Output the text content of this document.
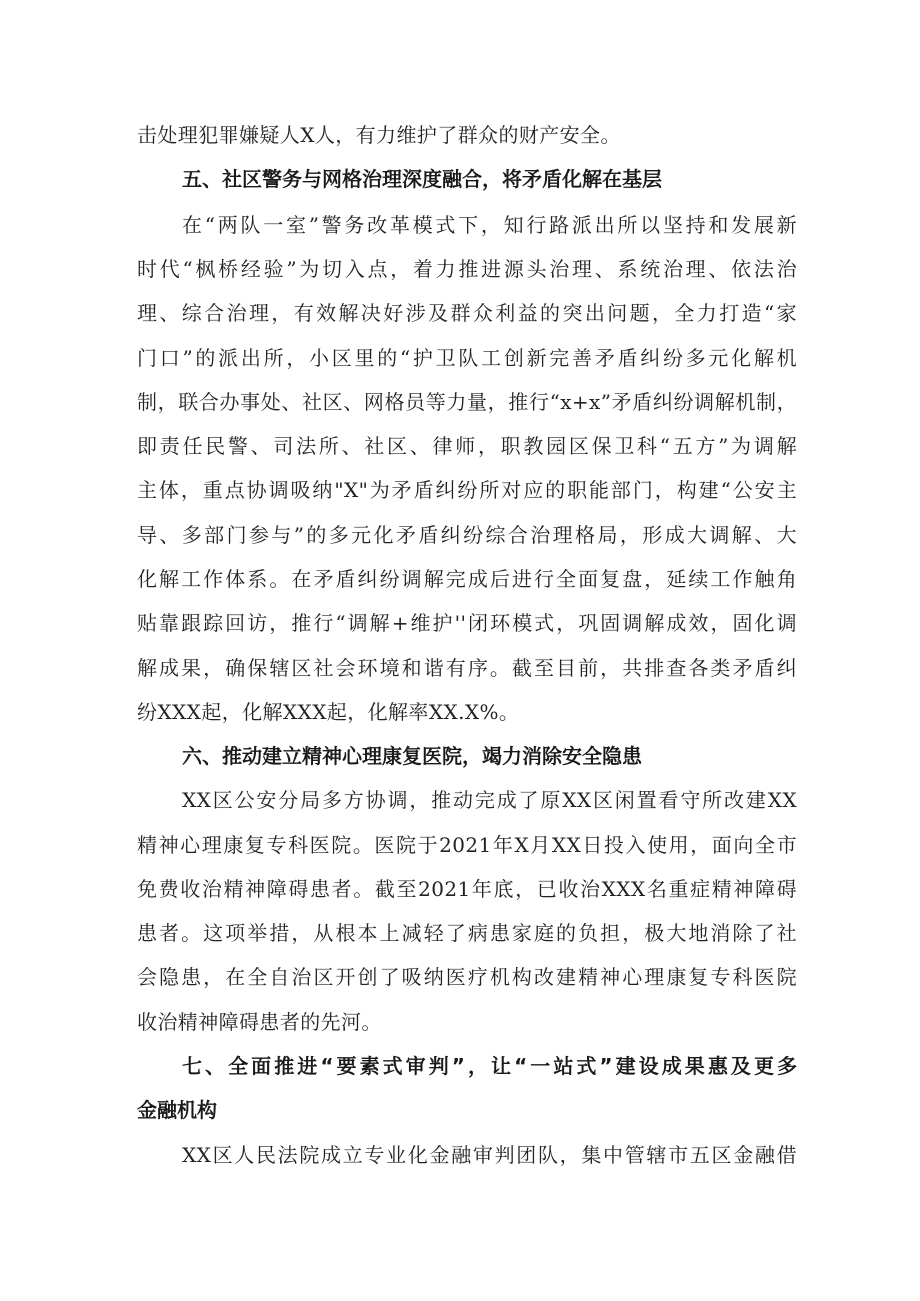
击处理犯罪嫌疑人X人，有力维护了群众的财产安全。
五、社区警务与网格治理深度融合，将矛盾化解在基层
在“两队一室”警务改革模式下，知行路派出所以坚持和发展新
时代“枫桥经验”为切入点，着力推进源头治理、系统治理、依法治
理、综合治理，有效解决好涉及群众利益的突出问题，全力打造“家
门口”的派出所，小区里的“护卫队工创新完善矛盾纠纷多元化解机
制，联合办事处、社区、网格员等力量，推行“x+x”矛盾纠纷调解机制，
即责任民警、司法所、社区、律师，职教园区保卫科“五方”为调解
主体，重点协调吸纳"X"为矛盾纠纷所对应的职能部门，构建“公安主
导、多部门参与”的多元化矛盾纠纷综合治理格局，形成大调解、大
化解工作体系。在矛盾纠纷调解完成后进行全面复盘，延续工作触角
贴靠跟踪回访，推行“调解+维护''闭环模式，巩固调解成效，固化调
解成果，确保辖区社会环境和谐有序。截至目前，共排查各类矛盾纠
纷XXX起，化解XXX起，化解率XX.X%。
六、推动建立精神心理康复医院，竭力消除安全隐患
XX区公安分局多方协调，推动完成了原XX区闲置看守所改建XX
精神心理康复专科医院。医院于2021年X月XX日投入使用，面向全市
免费收治精神障碍患者。截至2021年底，已收治XXX名重症精神障碍
患者。这项举措，从根本上减轻了病患家庭的负担，极大地消除了社
会隐患，在全自治区开创了吸纳医疗机构改建精神心理康复专科医院
收治精神障碍患者的先河。
七、全面推进“要素式审判”，让“一站式”建设成果惠及更多
金融机构
XX区人民法院成立专业化金融审判团队，集中管辖市五区金融借
